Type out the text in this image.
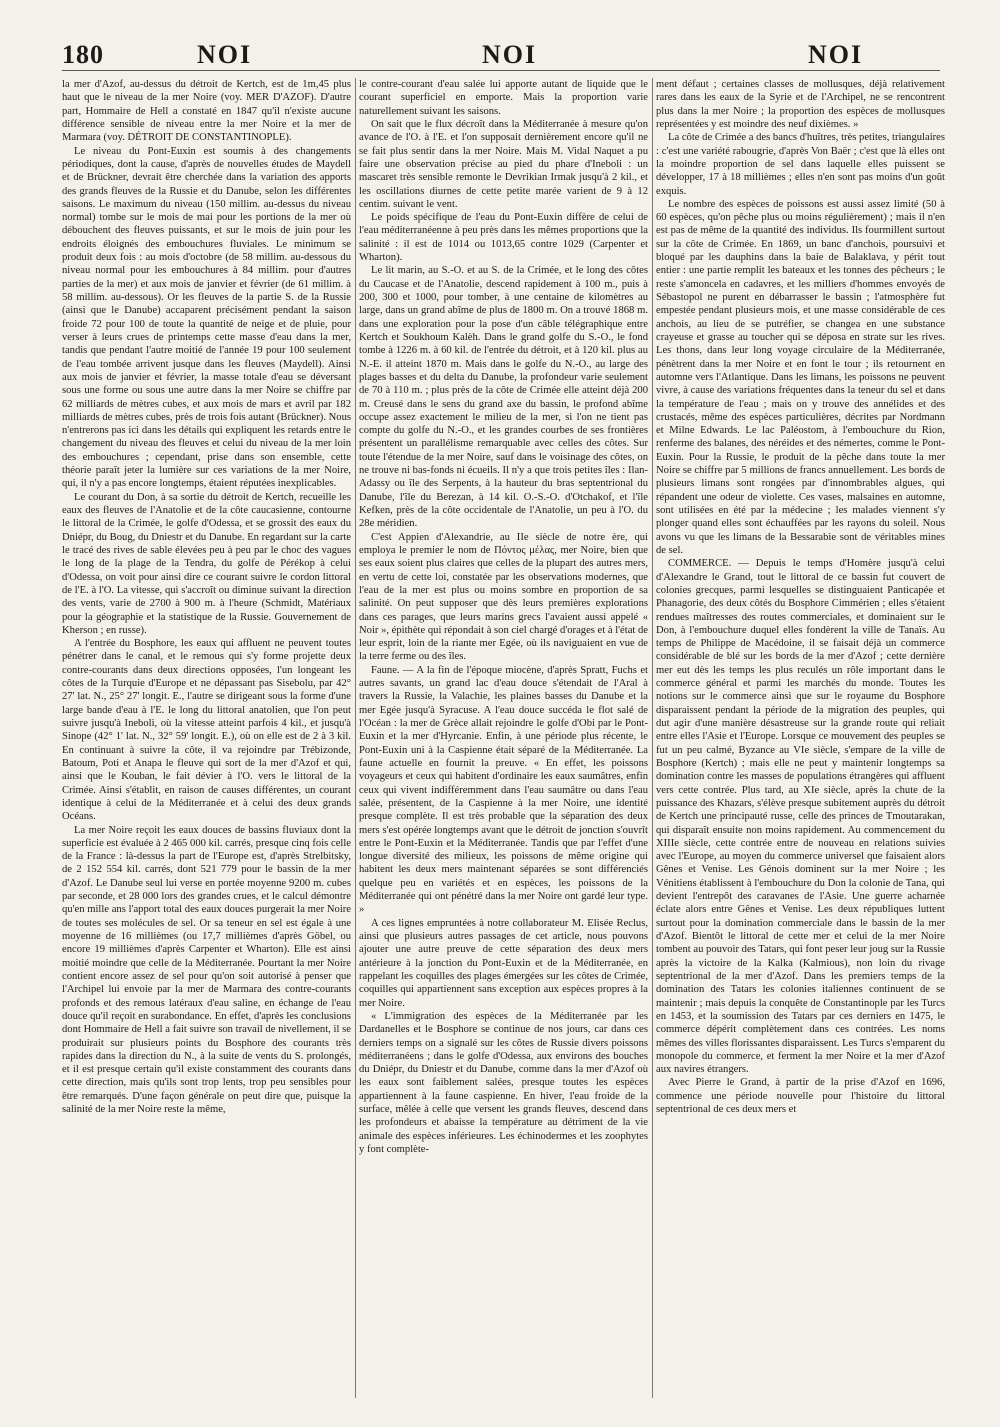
180	NOI	NOI	NOI

la mer d'Azof, au-dessus du détroit de Kertch, est de 1m,45 plus haut que le niveau de la mer Noire (voy. MER D'AZOF). D'autre part, Hommaire de Hell a constaté en 1847 qu'il n'existe aucune différence sensible de niveau entre la mer Noire et la mer de Marmara (voy. DÉTROIT DE CONSTANTINOPLE).

Le niveau du Pont-Euxin est soumis à des changements périodiques, dont la cause, d'après de nouvelles études de Maydell et de Brückner, devrait être cherchée dans la variation des apports des grands fleuves de la Russie et du Danube, selon les différentes saisons. Le maximum du niveau (150 millim. au-dessus du niveau normal) tombe sur le mois de mai pour les portions de la mer où débouchent des fleuves puissants, et sur le mois de juin pour les endroits éloignés des embouchures fluviales. Le minimum se produit deux fois : au mois d'octobre (de 58 millim. au-dessous du niveau normal pour les embouchures à 84 millim. pour d'autres parties de la mer) et aux mois de janvier et février (de 61 millim. à 58 millim. au-dessous). Or les fleuves de la partie S. de la Russie (ainsi que le Danube) accaparent précisément pendant la saison froide 72 pour 100 de toute la quantité de neige et de pluie, pour verser à leurs crues de printemps cette masse d'eau dans la mer, tandis que pendant l'autre moitié de l'année 19 pour 100 seulement de l'eau tombée arrivent jusque dans les fleuves (Maydell). Ainsi aux mois de janvier et février, la masse totale d'eau se déversant sous une forme ou sous une autre dans la mer Noire se chiffre par 62 milliards de mètres cubes, et aux mois de mars et avril par 182 milliards de mètres cubes, près de trois fois autant (Brückner). Nous n'entrerons pas ici dans les détails qui expliquent les retards entre le changement du niveau des fleuves et celui du niveau de la mer loin des embouchures ; cependant, prise dans son ensemble, cette théorie paraît jeter la lumière sur ces variations de la mer Noire, qui, il n'y a pas encore longtemps, étaient réputées inexplicables.

Le courant du Don, à sa sortie du détroit de Kertch, recueille les eaux des fleuves de l'Anatolie et de la côte caucasienne, contourne le littoral de la Crimée, le golfe d'Odessa, et se grossit des eaux du Dniépr, du Boug, du Dniestr et du Danube. En regardant sur la carte le tracé des rives de sable élevées peu à peu par le choc des vagues le long de la plage de la Tendra, du golfe de Pérékop à celui d'Odessa, on voit pour ainsi dire ce courant suivre le cordon littoral de l'E. à l'O. La vitesse, qui s'accroît ou diminue suivant la direction des vents, varie de 2700 à 900 m. à l'heure (Schmidt, Matériaux pour la géographie et la statistique de la Russie. Gouvernement de Kherson ; en russe).

A l'entrée du Bosphore, les eaux qui affluent ne peuvent toutes pénétrer dans le canal, et le remous qui s'y forme projette deux contre-courants dans deux directions opposées, l'un longeant les côtes de la Turquie d'Europe et ne dépassant pas Sisebolu, par 42° 27' lat. N., 25° 27' longit. E., l'autre se dirigeant sous la forme d'une large bande d'eau à l'E. le long du littoral anatolien, que l'on peut suivre jusqu'à Ineboli, où la vitesse atteint parfois 4 kil., et jusqu'à Sinope (42° 1' lat. N., 32° 59' longit. E.), où on elle est de 2 à 3 kil. En continuant à suivre la côte, il va rejoindre par Trébizonde, Batoum, Poti et Anapa le fleuve qui sort de la mer d'Azof et qui, ainsi que le Kouban, le fait dévier à l'O. vers le littoral de la Crimée. Ainsi s'établit, en raison de causes différentes, un courant identique à celui de la Méditerranée et à celui des deux grands Océans.

La mer Noire reçoit les eaux douces de bassins fluviaux dont la superficie est évaluée à 2 465 000 kil. carrés, presque cinq fois celle de la France : là-dessus la part de l'Europe est, d'après Strelbitsky, de 2 152 554 kil. carrés, dont 521 779 pour le bassin de la mer d'Azof. Le Danube seul lui verse en portée moyenne 9200 m. cubes par seconde, et 28 000 lors des grandes crues, et le calcul démontre qu'en mille ans l'apport total des eaux douces purgerait la mer Noire de toutes ses molécules de sel. Or sa teneur en sel est égale à une moyenne de 16 millièmes (ou 17,7 millièmes d'après Göbel, ou encore 19 millièmes d'après Carpenter et Wharton). Elle est ainsi moitié moindre que celle de la Méditerranée. Pourtant la mer Noire contient encore assez de sel pour qu'on soit autorisé à penser que l'Archipel lui envoie par la mer de Marmara des contre-courants profonds et des remous latéraux d'eau saline, en échange de l'eau douce qu'il reçoit en surabondance. En effet, d'après les conclusions dont Hommaire de Hell a fait suivre son travail de nivellement, il se produirait sur plusieurs points du Bosphore des courants très rapides dans la direction du N., à la suite de vents du S. prolongés, et il est presque certain qu'il existe constamment des courants dans cette direction, mais qu'ils sont trop lents, trop peu sensibles pour être remarqués. D'une façon générale on peut dire que, puisque la salinité de la mer Noire reste la même,

le contre-courant d'eau salée lui apporte autant de liquide que le courant superficiel en emporte. Mais la proportion varie naturellement suivant les saisons.

On sait que le flux décroît dans la Méditerranée à mesure qu'on avance de l'O. à l'E. et l'on supposait dernièrement encore qu'il ne se fait plus sentir dans la mer Noire. Mais M. Vidal Naquet a pu faire une observation précise au pied du phare d'Ineboli : un mascaret très sensible remonte le Devrikian Irmak jusqu'à 2 kil., et les oscillations diurnes de cette petite marée varient de 9 à 12 centim. suivant le vent.

Le poids spécifique de l'eau du Pont-Euxin diffère de celui de l'eau méditerranéenne à peu près dans les mêmes proportions que la salinité : il est de 1014 ou 1013,65 contre 1029 (Carpenter et Wharton).

Le lit marin, au S.-O. et au S. de la Crimée, et le long des côtes du Caucase et de l'Anatolie, descend rapidement à 100 m., puis à 200, 300 et 1000, pour tomber, à une centaine de kilomètres au large, dans un grand abîme de plus de 1800 m. On a trouvé 1868 m. dans une exploration pour la pose d'un câble télégraphique entre Kertch et Soukhoum Kalèh. Dans le grand golfe du S.-O., le fond tombe à 1226 m. à 60 kil. de l'entrée du détroit, et à 120 kil. plus au N.-E. il atteint 1870 m. Mais dans le golfe du N.-O., au large des plages basses et du delta du Danube, la profondeur varie seulement de 70 à 110 m. ; plus près de la côte de Crimée elle atteint déjà 200 m. Creusé dans le sens du grand axe du bassin, le profond abîme occupe assez exactement le milieu de la mer, si l'on ne tient pas compte du golfe du N.-O., et les grandes courbes de ses frontières présentent un parallélisme remarquable avec celles des côtes. Sur toute l'étendue de la mer Noire, sauf dans le voisinage des côtes, on ne trouve ni bas-fonds ni écueils. Il n'y a que trois petites îles : Ilan-Adassy ou île des Serpents, à la hauteur du bras septentrional du Danube, l'île du Berezan, à 14 kil. O.-S.-O. d'Otchakof, et l'île Kefken, près de la côte occidentale de l'Anatolie, un peu à l'O. du 28e méridien.

C'est Appien d'Alexandrie, au IIe siècle de notre ère, qui employa le premier le nom de Πόντος μέλας, mer Noire, bien que ses eaux soient plus claires que celles de la plupart des autres mers, en vertu de cette loi, constatée par les observations modernes, que l'eau de la mer est plus ou moins sombre en proportion de sa salinité. On peut supposer que dès leurs premières explorations dans ces parages, que leurs marins grecs l'avaient aussi appelé « Noir », épithète qui répondait à son ciel chargé d'orages et à l'état de leur esprit, loin de la riante mer Egée, où ils naviguaient en vue de la terre ferme ou des îles.

Faune. — A la fin de l'époque miocène, d'après Spratt, Fuchs et autres savants, un grand lac d'eau douce s'étendait de l'Aral à travers la Russie, la Valachie, les plaines basses du Danube et la mer Egée jusqu'à Syracuse. A l'eau douce succéda le flot salé de l'Océan : la mer de Grèce allait rejoindre le golfe d'Obi par le Pont-Euxin et la mer d'Hyrcanie. Enfin, à une période plus récente, le Pont-Euxin uni à la Caspienne était séparé de la Méditerranée. La faune actuelle en fournit la preuve. « En effet, les poissons voyageurs et ceux qui habitent d'ordinaire les eaux saumâtres, enfin ceux qui vivent indifféremment dans l'eau saumâtre ou dans l'eau salée, présentent, de la Caspienne à la mer Noire, une identité presque complète. Il est très probable que la séparation des deux mers s'est opérée longtemps avant que le détroit de jonction s'ouvrît entre le Pont-Euxin et la Méditerranée. Tandis que par l'effet d'une longue diversité des milieux, les poissons de même origine qui habitent les deux mers maintenant séparées se sont différenciés quelque peu en variétés et en espèces, les poissons de la Méditerranée qui ont pénétré dans la mer Noire ont gardé leur type. »

A ces lignes empruntées à notre collaborateur M. Elisée Reclus, ainsi que plusieurs autres passages de cet article, nous pouvons ajouter une autre preuve de cette séparation des deux mers antérieure à la jonction du Pont-Euxin et de la Méditerranée, en rappelant les coquilles des plages émergées sur les côtes de Crimée, coquilles qui appartiennent sans exception aux espèces propres à la mer Noire.

« L'immigration des espèces de la Méditerranée par les Dardanelles et le Bosphore se continue de nos jours, car dans ces derniers temps on a signalé sur les côtes de Russie divers poissons méditerranéens ; dans le golfe d'Odessa, aux environs des bouches du Dniépr, du Dniestr et du Danube, comme dans la mer d'Azof où les eaux sont faiblement salées, presque toutes les espèces appartiennent à la faune caspienne. En hiver, l'eau froide de la surface, mêlée à celle que versent les grands fleuves, descend dans les profondeurs et abaisse la température au détriment de la vie animale des espèces inférieures. Les échinodermes et les zoophytes y font complète-

ment défaut ; certaines classes de mollusques, déjà relativement rares dans les eaux de la Syrie et de l'Archipel, ne se rencontrent plus dans la mer Noire ; la proportion des espèces de mollusques représentées y est moindre des neuf dixièmes. »

La côte de Crimée a des bancs d'huîtres, très petites, triangulaires : c'est une variété rabougrie, d'après Von Baër ; c'est que là elles ont la moindre proportion de sel dans laquelle elles puissent se développer, 17 à 18 millièmes ; elles n'en sont pas moins d'un goût exquis.

Le nombre des espèces de poissons est aussi assez limité (50 à 60 espèces, qu'on pêche plus ou moins régulièrement) ; mais il n'en est pas de même de la quantité des individus. Ils fourmillent surtout sur la côte de Crimée. En 1869, un banc d'anchois, poursuivi et bloqué par les dauphins dans la baie de Balaklava, y périt tout entier : une partie remplit les bateaux et les tonnes des pêcheurs ; le reste s'amoncela en cadavres, et les milliers d'hommes envoyés de Sébastopol ne purent en débarrasser le bassin ; l'atmosphère fut empestée pendant plusieurs mois, et une masse considérable de ces anchois, au lieu de se putréfier, se changea en une substance crayeuse et grasse au toucher qui se déposa en strate sur les rives. Les thons, dans leur long voyage circulaire de la Méditerranée, pénètrent dans la mer Noire et en font le tour ; ils retournent en automne vers l'Atlantique. Dans les limans, les poissons ne peuvent vivre, à cause des variations fréquentes dans la teneur du sel et dans la température de l'eau ; mais on y trouve des annélides et des crustacés, même des espèces particulières, décrites par Nordmann et Milne Edwards. Le lac Paléostom, à l'embouchure du Rion, renferme des balanes, des néréides et des némertes, comme le Pont-Euxin. Pour la Russie, le produit de la pêche dans toute la mer Noire se chiffre par 5 millions de francs annuellement. Les bords de plusieurs limans sont rongées par d'innombrables algues, qui répandent une odeur de violette. Ces vases, malsaines en automne, sont utilisées en été par la médecine ; les malades viennent s'y plonger quand elles sont échauffées par les rayons du soleil. Nous avons vu que les limans de la Bessarabie sont de véritables mines de sel.

COMMERCE. — Depuis le temps d'Homère jusqu'à celui d'Alexandre le Grand, tout le littoral de ce bassin fut couvert de colonies grecques, parmi lesquelles se distinguaient Panticapée et Phanagorie, des deux côtés du Bosphore Cimmérien ; elles s'étaient rendues maîtresses des routes commerciales, et dominaient sur le Don, à l'embouchure duquel elles fondèrent la ville de Tanaïs. Au temps de Philippe de Macédoine, il se faisait déjà un commerce considérable de blé sur les bords de la mer d'Azof ; cette dernière mer eut dès les temps les plus reculés un rôle important dans le commerce général et parmi les marchés du monde. Toutes les notions sur le commerce ainsi que sur le royaume du Bosphore disparaissent pendant la période de la migration des peuples, qui dut agir d'une manière désastreuse sur la grande route qui reliait entre elles l'Asie et l'Europe. Lorsque ce mouvement des peuples se fut un peu calmé, Byzance au VIe siècle, s'empare de la ville de Bosphore (Kertch) ; mais elle ne peut y maintenir longtemps sa domination contre les masses de populations étrangères qui affluent vers cette contrée. Plus tard, au XIe siècle, après la chute de la puissance des Khazars, s'élève presque subitement auprès du détroit de Kertch une principauté russe, celle des princes de Tmoutarakan, qui disparaît ensuite non moins rapidement. Au commencement du XIIIe siècle, cette contrée entre de nouveau en relations suivies avec l'Europe, au moyen du commerce universel que faisaient alors Gênes et Venise. Les Génois dominent sur la mer Noire ; les Vénitiens établissent à l'embouchure du Don la colonie de Tana, qui devient l'entrepôt des caravanes de l'Asie. Une guerre acharnée éclate alors entre Gênes et Venise. Les deux républiques luttent surtout pour la domination commerciale dans le bassin de la mer d'Azof. Bientôt le littoral de cette mer et celui de la mer Noire tombent au pouvoir des Tatars, qui font peser leur joug sur la Russie après la victoire de la Kalka (Kalmious), non loin du rivage septentrional de la mer d'Azof. Dans les premiers temps de la domination des Tatars les colonies italiennes continuent de se maintenir ; mais depuis la conquête de Constantinople par les Turcs en 1453, et la soumission des Tatars par ces derniers en 1475, le commerce dépérit complètement dans ces contrées. Les noms mêmes des villes florissantes disparaissent. Les Turcs s'emparent du monopole du commerce, et ferment la mer Noire et la mer d'Azof aux navires étrangers.

Avec Pierre le Grand, à partir de la prise d'Azof en 1696, commence une période nouvelle pour l'histoire du littoral septentrional de ces deux mers et
